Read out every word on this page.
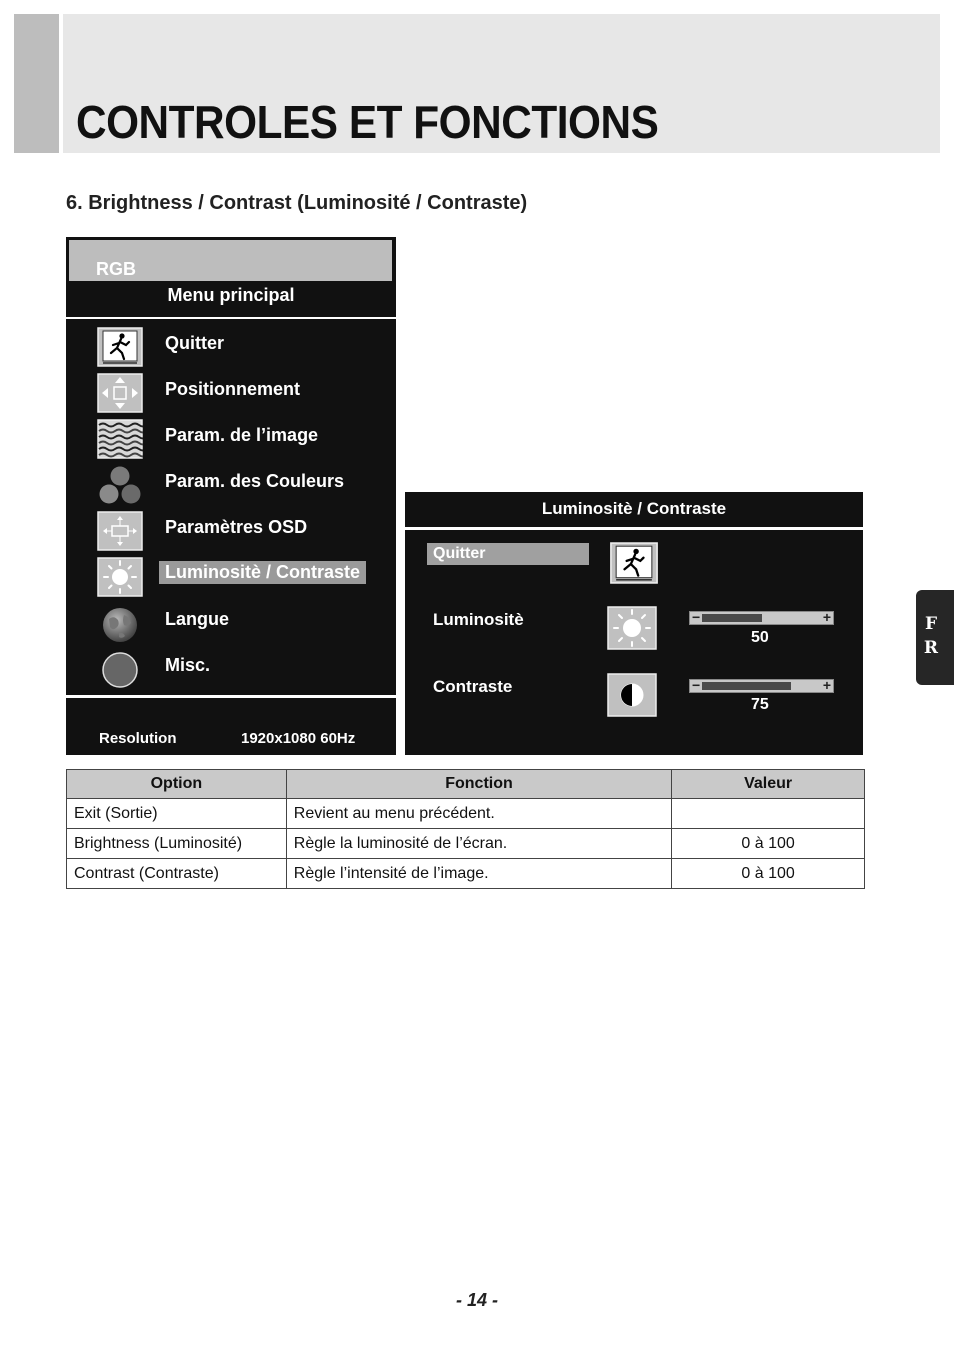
CONTROLES ET FONCTIONS
6. Brightness / Contrast (Luminosité / Contraste)
RGB
Menu principal
Quitter
Positionnement
Param. de l’image
Param. des Couleurs
Paramètres OSD
Luminositè / Contraste
Langue
Misc.
Resolution	1920x1080 60Hz
Luminositè / Contraste
Quitter
Luminositè	−	+
50
Contraste	−	+
75
Option	Fonction	Valeur
Exit (Sortie)	Revient au menu précédent.	
Brightness (Luminosité)	Règle la luminosité de l’écran.	0 à 100
Contrast (Contraste)	Règle l’intensité de l’image.	0 à 100
F
R
- 14 -
